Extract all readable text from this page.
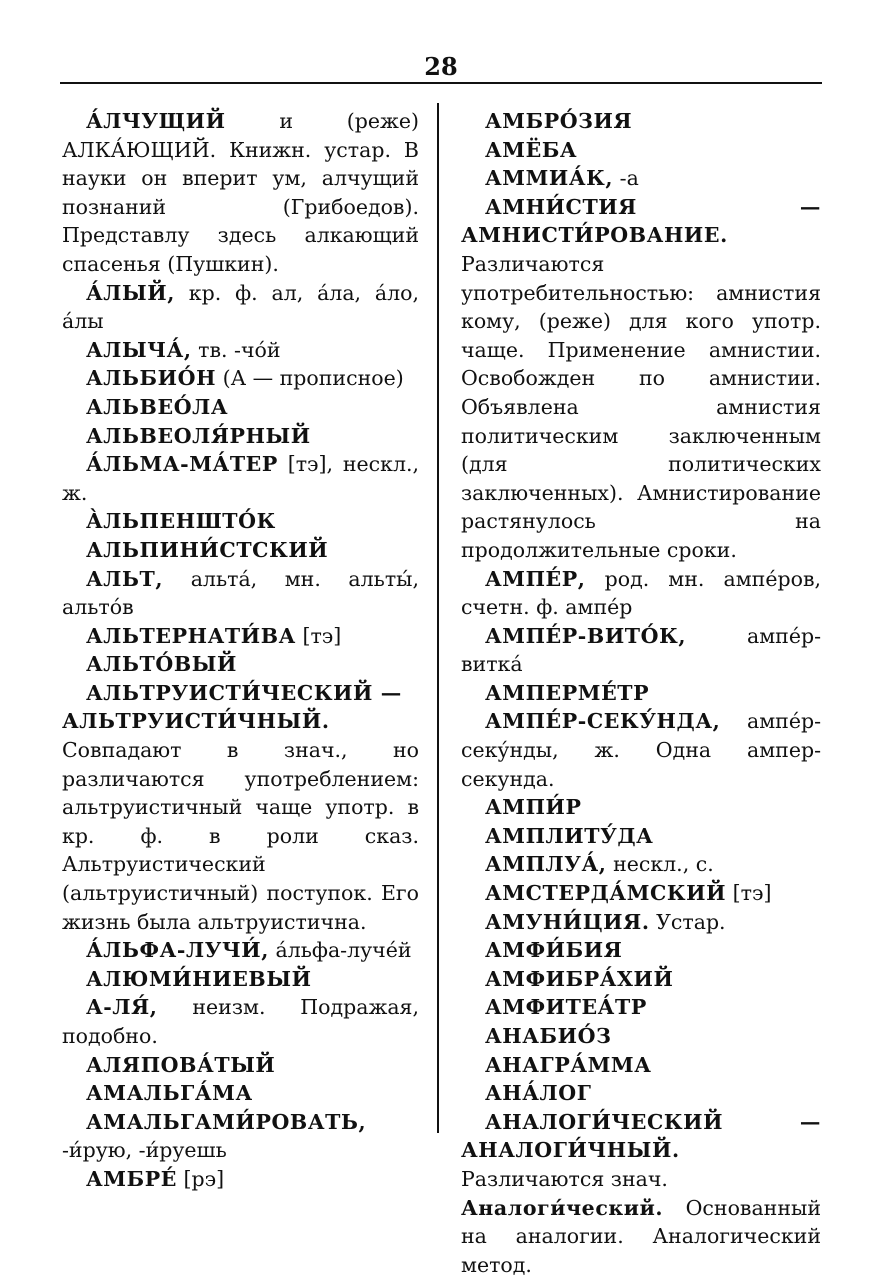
28

А́ЛЧУЩИЙ и (реже) АЛКА́ЮЩИЙ. Книжн. устар. В науки он вперит ум, алчущий познаний (Грибоедов). Представлу здесь алкающий спасенья (Пушкин).

А́ЛЫЙ, кр. ф. ал, а́ла, а́ло, а́лы

АЛЫЧА́, тв. -чо́й

АЛЬБИО́Н (А — прописное)

АЛЬВЕО́ЛА

АЛЬВЕОЛЯ́РНЫЙ

А́ЛЬМА-МА́ТЕР [тэ], нескл., ж.

А̀ЛЬПЕНШТО́К

АЛЬПИНИ́СТСКИЙ

АЛЬТ, альта́, мн. альты́, альто́в

АЛЬТЕРНАТИ́ВА [тэ]

АЛЬТО́ВЫЙ

АЛЬТРУИСТИ́ЧЕСКИЙ —

АЛЬТРУИСТИ́ЧНЫЙ. Совпадают в знач., но различаются употреблением: альтруистичный чаще употр. в кр. ф. в роли сказ. Альтруистический (альтруистичный) поступок. Его жизнь была альтруистична.

А́ЛЬФА-ЛУЧИ́, а́льфа-луче́й

АЛЮМИ́НИЕВЫЙ

А-ЛЯ́, неизм. Подражая, подобно.

АЛЯПОВА́ТЫЙ

АМАЛЬГА́МА

АМАЛЬГАМИ́РОВАТЬ, -и́рую, -и́руешь

АМБРЕ́ [рэ]

АМБРО́ЗИЯ

АМЁБА

АММИА́К, -а

АМНИ́СТИЯ — АМНИСТИ́РОВАНИЕ. Различаются употребительностью: амнистия кому, (реже) для кого употр. чаще. Применение амнистии. Освобожден по амнистии. Объявлена амнистия политическим заключенным (для политических заключенных). Амнистирование растянулось на продолжительные сроки.

АМПЕ́Р, род. мн. ампе́ров, счетн. ф. ампе́р

АМПЕ́Р-ВИТО́К, ампе́р-витка́

АМПЕРМЕ́ТР

АМПЕ́Р-СЕКУ́НДА, ампе́р-секу́нды, ж. Одна ампер-секунда.

АМПИ́Р

АМПЛИТУ́ДА

АМПЛУА́, нескл., с.

АМСТЕРДА́МСКИЙ [тэ]

АМУНИ́ЦИЯ. Устар.

АМФИ́БИЯ

АМФИБРА́ХИЙ

АМФИТЕА́ТР

АНАБИО́З

АНАГРА́ММА

АНА́ЛОГ

АНАЛОГИ́ЧЕСКИЙ — АНАЛОГИ́ЧНЫЙ. Различаются знач.

Аналоги́ческий. Основанный на аналогии. Аналогический метод.
